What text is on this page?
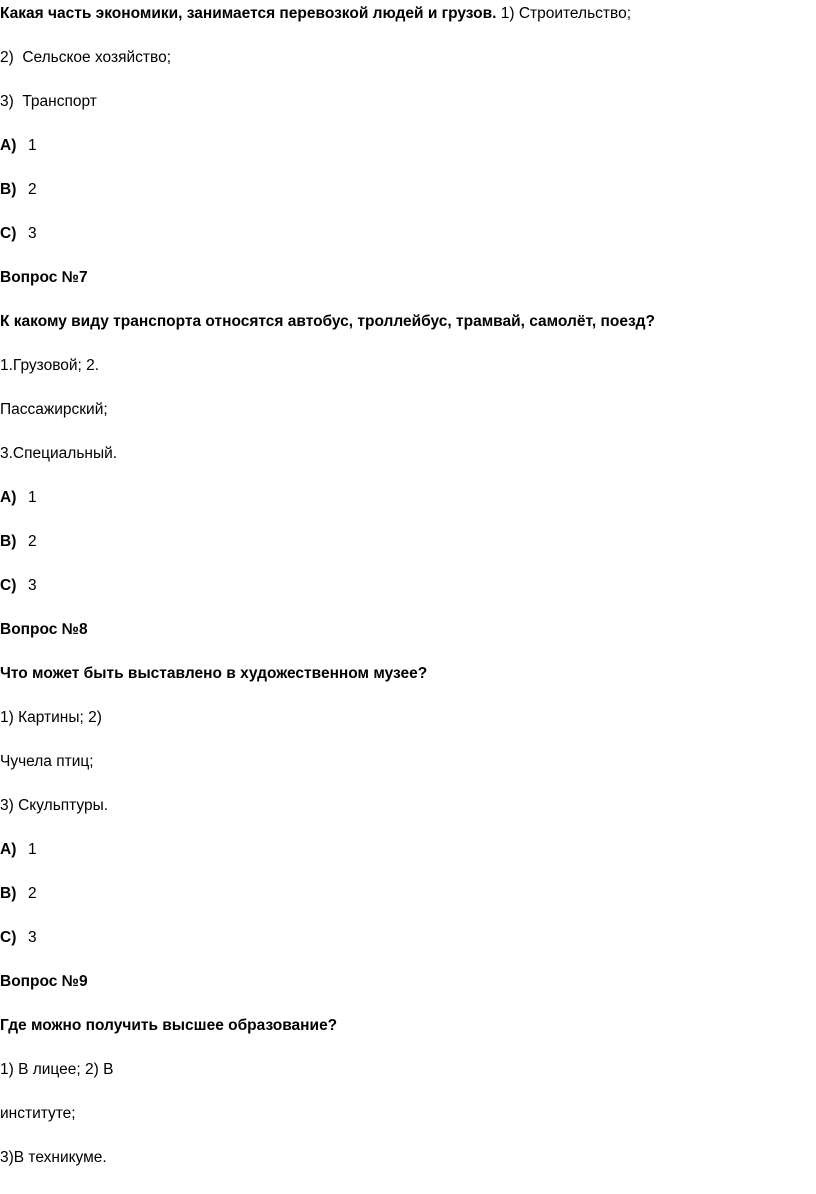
Какая часть экономики, занимается перевозкой людей и грузов. 1) Строительство;
2) Сельское хозяйство;
3) Транспорт
A) 1
B) 2
C) 3
Вопрос №7
К какому виду транспорта относятся автобус, троллейбус, трамвай, самолёт, поезд?
1.Грузовой; 2.
Пассажирский;
3.Специальный.
A) 1
B) 2
C) 3
Вопрос №8
Что может быть выставлено в художественном музее?
1) Картины; 2)
Чучела птиц;
3) Скульптуры.
A) 1
B) 2
C) 3
Вопрос №9
Где можно получить высшее образование?
1) В лицее; 2) В
институте;
3)В техникуме.
